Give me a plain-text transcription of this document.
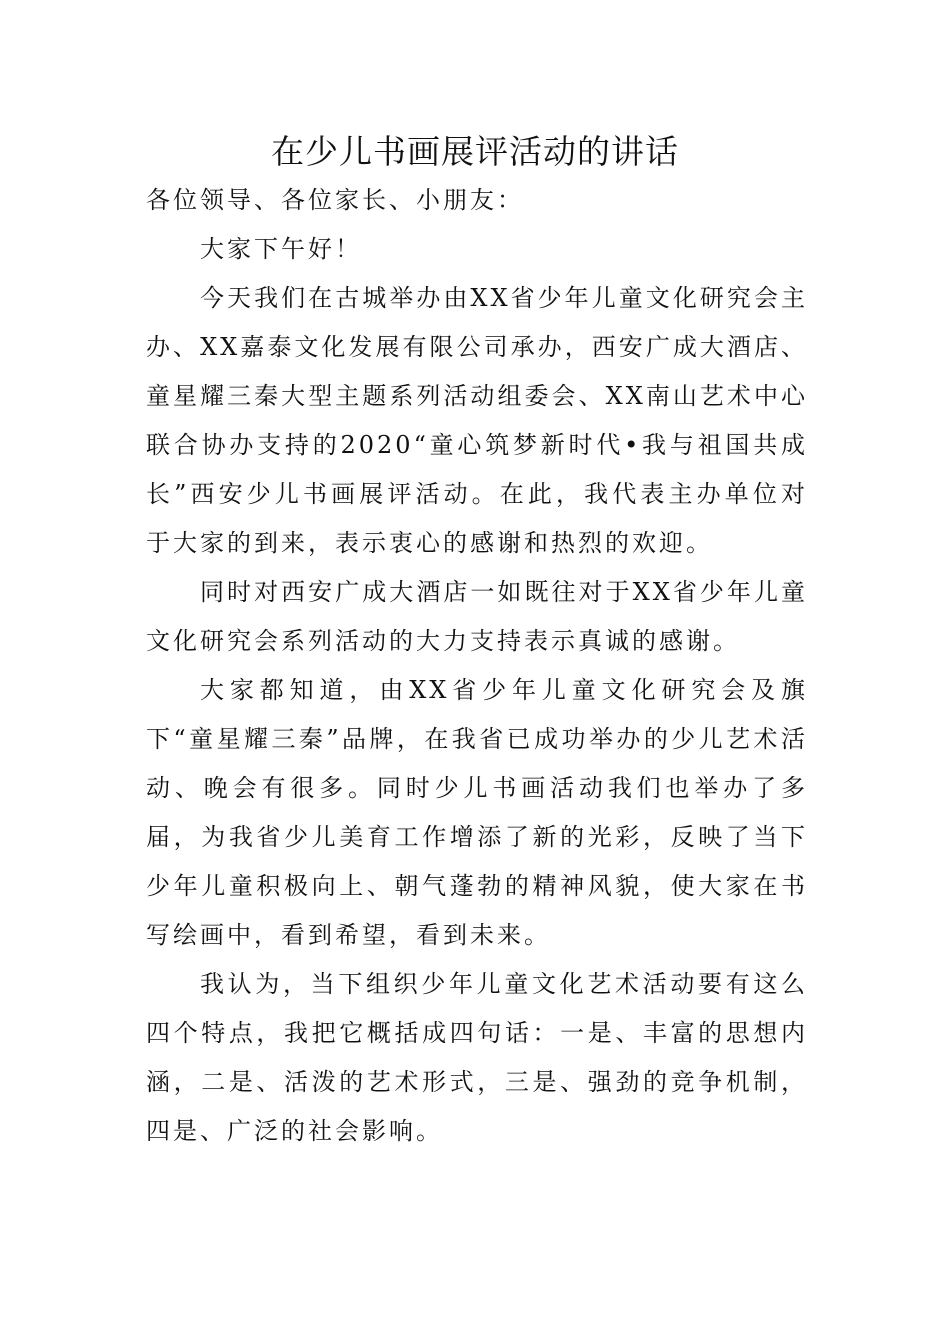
在少儿书画展评活动的讲话

各位领导、各位家长、小朋友：

大家下午好！

今天我们在古城举办由XX省少年儿童文化研究会主办、XX嘉泰文化发展有限公司承办，西安广成大酒店、童星耀三秦大型主题系列活动组委会、XX南山艺术中心联合协办支持的2020“童心筑梦新时代•我与祖国共成长”西安少儿书画展评活动。在此，我代表主办单位对于大家的到来，表示衷心的感谢和热烈的欢迎。

同时对西安广成大酒店一如既往对于XX省少年儿童文化研究会系列活动的大力支持表示真诚的感谢。

大家都知道，由XX省少年儿童文化研究会及旗下“童星耀三秦”品牌，在我省已成功举办的少儿艺术活动、晚会有很多。同时少儿书画活动我们也举办了多届，为我省少儿美育工作增添了新的光彩，反映了当下少年儿童积极向上、朝气蓬勃的精神风貌，使大家在书写绘画中，看到希望，看到未来。

我认为，当下组织少年儿童文化艺术活动要有这么四个特点，我把它概括成四句话：一是、丰富的思想内涵，二是、活泼的艺术形式，三是、强劲的竞争机制，四是、广泛的社会影响。
